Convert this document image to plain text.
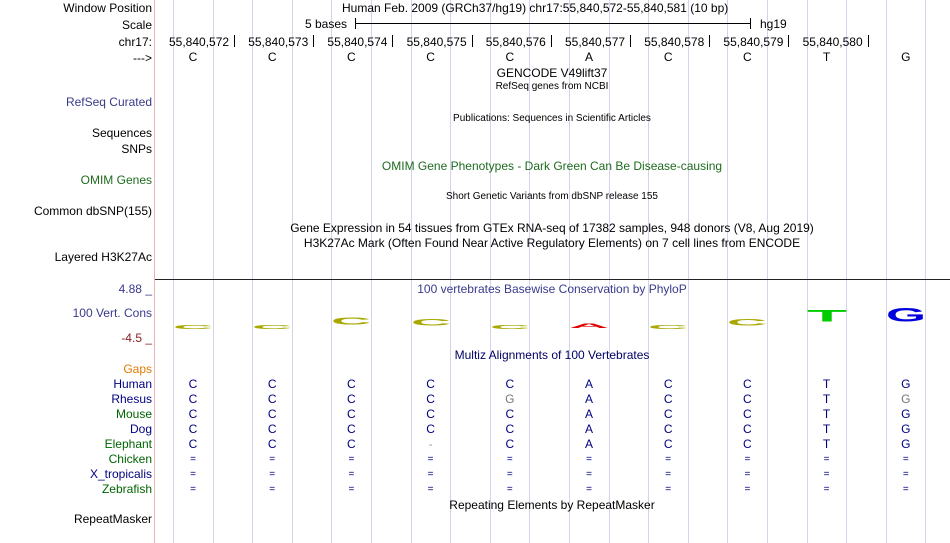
Window Position	Human Feb. 2009 (GRCh37/hg19) chr17:55,840,572-55,840,581 (10 bp)
Scale	5 bases	hg19
chr17: 55,840,572 55,840,573 55,840,574 55,840,575 55,840,576 55,840,577 55,840,578 55,840,579 55,840,580
--->	C	C	C	C	C	A	C	C	T	G
GENCODE V49lift37
RefSeq genes from NCBI
RefSeq Curated
Publications: Sequences in Scientific Articles
Sequences
SNPs
OMIM Gene Phenotypes - Dark Green Can Be Disease-causing
OMIM Genes
Short Genetic Variants from dbSNP release 155
Common dbSNP(155)
Gene Expression in 54 tissues from GTEx RNA-seq of 17382 samples, 948 donors (V8, Aug 2019)
H3K27Ac Mark (Often Found Near Active Regulatory Elements) on 7 cell lines from ENCODE
Layered H3K27Ac
100 vertebrates Basewise Conservation by PhyloP
4.88 _
100 Vert. Cons
-4.5 _
C C C C C A C C T G
Multiz Alignments of 100 Vertebrates
Gaps
Human	C	C	C	C	C	A	C	C	T	G
Rhesus	C	C	C	C	G	A	C	C	T	G
Mouse	C	C	C	C	C	A	C	C	T	G
Dog	C	C	C	C	C	A	C	C	T	G
Elephant	C	C	C	-	C	A	C	C	T	G
Chicken	=	=	=	=	=	=	=	=	=	=
X_tropicalis	=	=	=	=	=	=	=	=	=	=
Zebrafish	=	=	=	=	=	=	=	=	=	=
Repeating Elements by RepeatMasker
RepeatMasker
